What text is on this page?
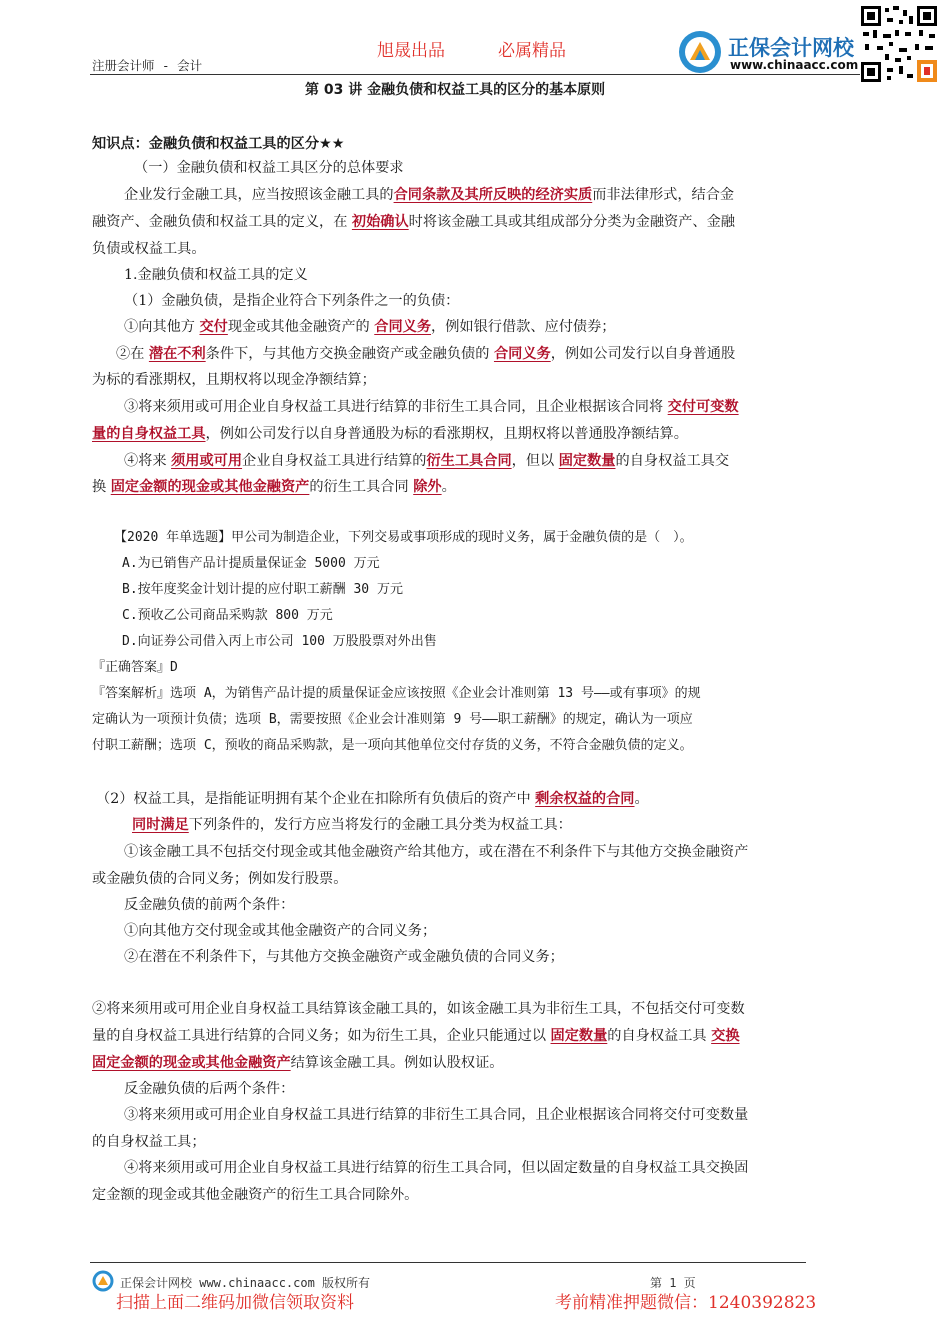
旭晟出品	必属精品
注册会计师 - 会计
正保会计网校
www.chinaacc.com
第 03 讲 金融负债和权益工具的区分的基本原则
知识点：金融负债和权益工具的区分★★
（一）金融负债和权益工具区分的总体要求
企业发行金融工具，应当按照该金融工具的合同条款及其所反映的经济实质而非法律形式，结合金
融资产、金融负债和权益工具的定义，在 初始确认时将该金融工具或其组成部分分类为金融资产、金融
负债或权益工具。
1.金融负债和权益工具的定义
（1）金融负债，是指企业符合下列条件之一的负债：
①向其他方 交付现金或其他金融资产的 合同义务，例如银行借款、应付债券；
②在 潜在不利条件下，与其他方交换金融资产或金融负债的 合同义务，例如公司发行以自身普通股
为标的看涨期权，且期权将以现金净额结算；
③将来须用或可用企业自身权益工具进行结算的非衍生工具合同，且企业根据该合同将 交付可变数
量的自身权益工具，例如公司发行以自身普通股为标的看涨期权，且期权将以普通股净额结算。
④将来 须用或可用企业自身权益工具进行结算的衍生工具合同，但以 固定数量的自身权益工具交
换 固定金额的现金或其他金融资产的衍生工具合同 除外。
【2020 年单选题】甲公司为制造企业，下列交易或事项形成的现时义务，属于金融负债的是（　）。
A.为已销售产品计提质量保证金 5000 万元
B.按年度奖金计划计提的应付职工薪酬 30 万元
C.预收乙公司商品采购款 800 万元
D.向证券公司借入丙上市公司 100 万股股票对外出售
『正确答案』D
『答案解析』选项 A，为销售产品计提的质量保证金应该按照《企业会计准则第 13 号——或有事项》的规
定确认为一项预计负债；选项 B，需要按照《企业会计准则第 9 号——职工薪酬》的规定，确认为一项应
付职工薪酬；选项 C，预收的商品采购款，是一项向其他单位交付存货的义务，不符合金融负债的定义。
（2）权益工具，是指能证明拥有某个企业在扣除所有负债后的资产中 剩余权益的合同。
同时满足下列条件的，发行方应当将发行的金融工具分类为权益工具：
①该金融工具不包括交付现金或其他金融资产给其他方，或在潜在不利条件下与其他方交换金融资产
或金融负债的合同义务；例如发行股票。
反金融负债的前两个条件：
①向其他方交付现金或其他金融资产的合同义务；
②在潜在不利条件下，与其他方交换金融资产或金融负债的合同义务；
②将来须用或可用企业自身权益工具结算该金融工具的，如该金融工具为非衍生工具，不包括交付可变数
量的自身权益工具进行结算的合同义务；如为衍生工具，企业只能通过以 固定数量的自身权益工具 交换
固定金额的现金或其他金融资产结算该金融工具。例如认股权证。
反金融负债的后两个条件：
③将来须用或可用企业自身权益工具进行结算的非衍生工具合同，且企业根据该合同将交付可变数量
的自身权益工具；
④将来须用或可用企业自身权益工具进行结算的衍生工具合同，但以固定数量的自身权益工具交换固
定金额的现金或其他金融资产的衍生工具合同除外。
正保会计网校 www.chinaacc.com 版权所有	第 1 页
扫描上面二维码加微信领取资料	考前精准押题微信：1240392823
